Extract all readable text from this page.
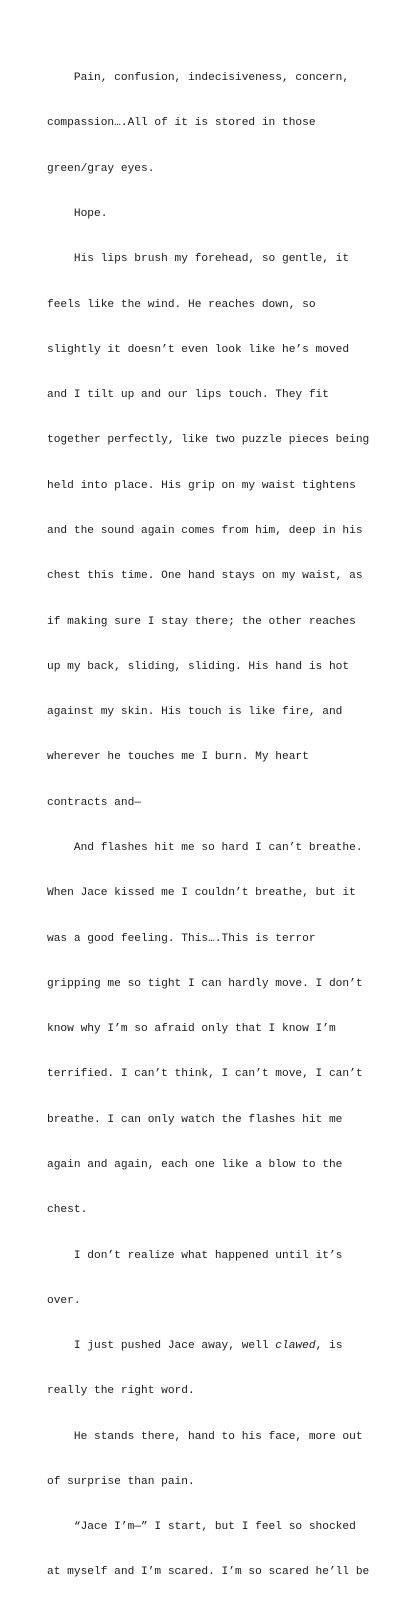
Pain, confusion, indecisiveness, concern,

compassion….All of it is stored in those

green/gray eyes.

Hope.

His lips brush my forehead, so gentle, it

feels like the wind. He reaches down, so

slightly it doesn’t even look like he’s moved

and I tilt up and our lips touch. They fit

together perfectly, like two puzzle pieces being

held into place. His grip on my waist tightens

and the sound again comes from him, deep in his

chest this time. One hand stays on my waist, as

if making sure I stay there; the other reaches

up my back, sliding, sliding. His hand is hot

against my skin. His touch is like fire, and

wherever he touches me I burn. My heart

contracts and—

And flashes hit me so hard I can’t breathe.

When Jace kissed me I couldn’t breathe, but it

was a good feeling. This….This is terror

gripping me so tight I can hardly move. I don’t

know why I’m so afraid only that I know I’m

terrified. I can’t think, I can’t move, I can’t

breathe. I can only watch the flashes hit me

again and again, each one like a blow to the

chest.

I don’t realize what happened until it’s

over.

I just pushed Jace away, well clawed, is

really the right word.

He stands there, hand to his face, more out

of surprise than pain.

“Jace I’m—” I start, but I feel so shocked

at myself and I’m scared. I’m so scared he’ll be
